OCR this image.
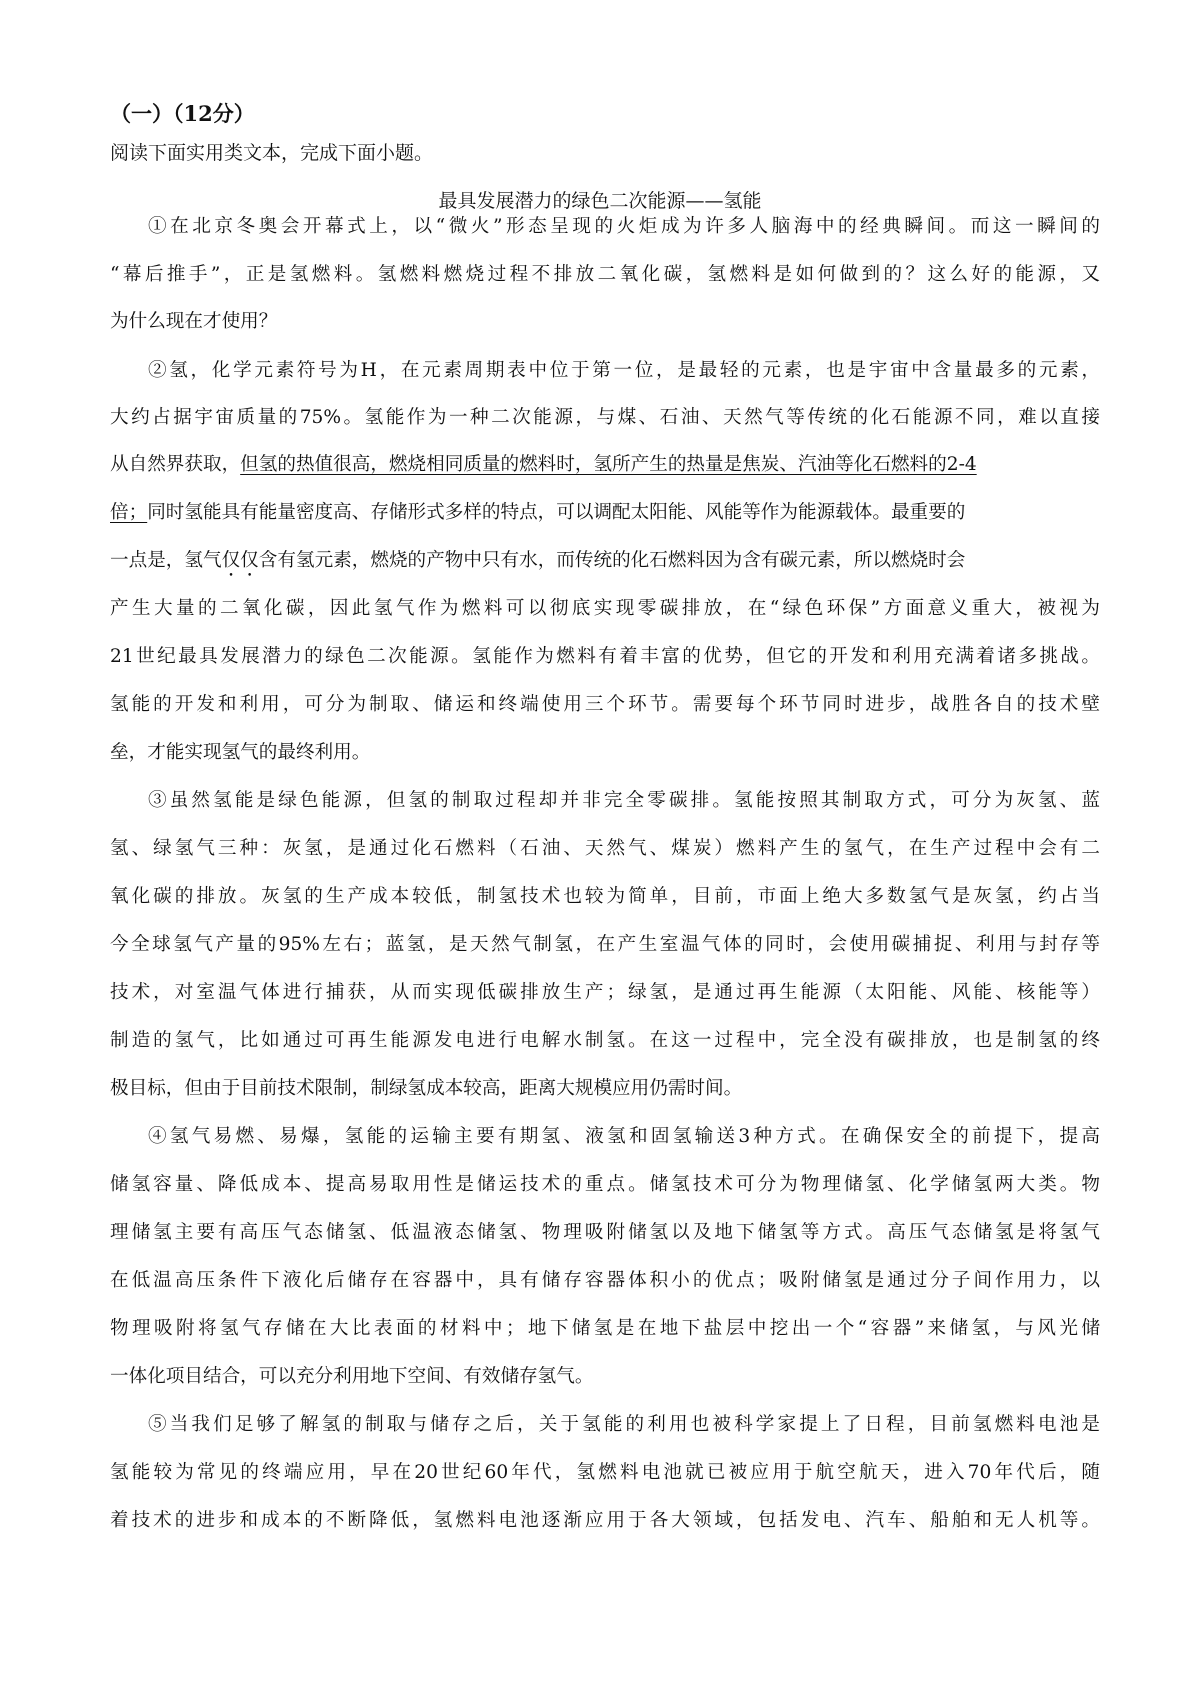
（一）（12分）
阅读下面实用类文本，完成下面小题。
最具发展潜力的绿色二次能源——氢能
①在北京冬奥会开幕式上，以“微火”形态呈现的火炬成为许多人脑海中的经典瞬间。而这一瞬间的
“幕后推手”，正是氢燃料。氢燃料燃烧过程不排放二氧化碳，氢燃料是如何做到的？这么好的能源，又
为什么现在才使用？
②氢，化学元素符号为H，在元素周期表中位于第一位，是最轻的元素，也是宇宙中含量最多的元素，
大约占据宇宙质量的75%。氢能作为一种二次能源，与煤、石油、天然气等传统的化石能源不同，难以直接
从自然界获取，但氢的热值很高，燃烧相同质量的燃料时，氢所产生的热量是焦炭、汽油等化石燃料的2-4
倍；同时氢能具有能量密度高、存储形式多样的特点，可以调配太阳能、风能等作为能源载体。最重要的
一点是，氢气仅仅含有氢元素，燃烧的产物中只有水，而传统的化石燃料因为含有碳元素，所以燃烧时会
产生大量的二氧化碳，因此氢气作为燃料可以彻底实现零碳排放，在“绿色环保”方面意义重大，被视为
21世纪最具发展潜力的绿色二次能源。氢能作为燃料有着丰富的优势，但它的开发和利用充满着诸多挑战。
氢能的开发和利用，可分为制取、储运和终端使用三个环节。需要每个环节同时进步，战胜各自的技术壁
垒，才能实现氢气的最终利用。
③虽然氢能是绿色能源，但氢的制取过程却并非完全零碳排。氢能按照其制取方式，可分为灰氢、蓝
氢、绿氢气三种：灰氢，是通过化石燃料（石油、天然气、煤炭）燃料产生的氢气，在生产过程中会有二
氧化碳的排放。灰氢的生产成本较低，制氢技术也较为简单，目前，市面上绝大多数氢气是灰氢，约占当
今全球氢气产量的95%左右；蓝氢，是天然气制氢，在产生室温气体的同时，会使用碳捕捉、利用与封存等
技术，对室温气体进行捕获，从而实现低碳排放生产；绿氢，是通过再生能源（太阳能、风能、核能等）
制造的氢气，比如通过可再生能源发电进行电解水制氢。在这一过程中，完全没有碳排放，也是制氢的终
极目标，但由于目前技术限制，制绿氢成本较高，距离大规模应用仍需时间。
④氢气易燃、易爆，氢能的运输主要有期氢、液氢和固氢输送3种方式。在确保安全的前提下，提高
储氢容量、降低成本、提高易取用性是储运技术的重点。储氢技术可分为物理储氢、化学储氢两大类。物
理储氢主要有高压气态储氢、低温液态储氢、物理吸附储氢以及地下储氢等方式。高压气态储氢是将氢气
在低温高压条件下液化后储存在容器中，具有储存容器体积小的优点；吸附储氢是通过分子间作用力，以
物理吸附将氢气存储在大比表面的材料中；地下储氢是在地下盐层中挖出一个“容器”来储氢，与风光储
一体化项目结合，可以充分利用地下空间、有效储存氢气。
⑤当我们足够了解氢的制取与储存之后，关于氢能的利用也被科学家提上了日程，目前氢燃料电池是
氢能较为常见的终端应用，早在20世纪60年代，氢燃料电池就已被应用于航空航天，进入70年代后，随
着技术的进步和成本的不断降低，氢燃料电池逐渐应用于各大领域，包括发电、汽车、船舶和无人机等。
